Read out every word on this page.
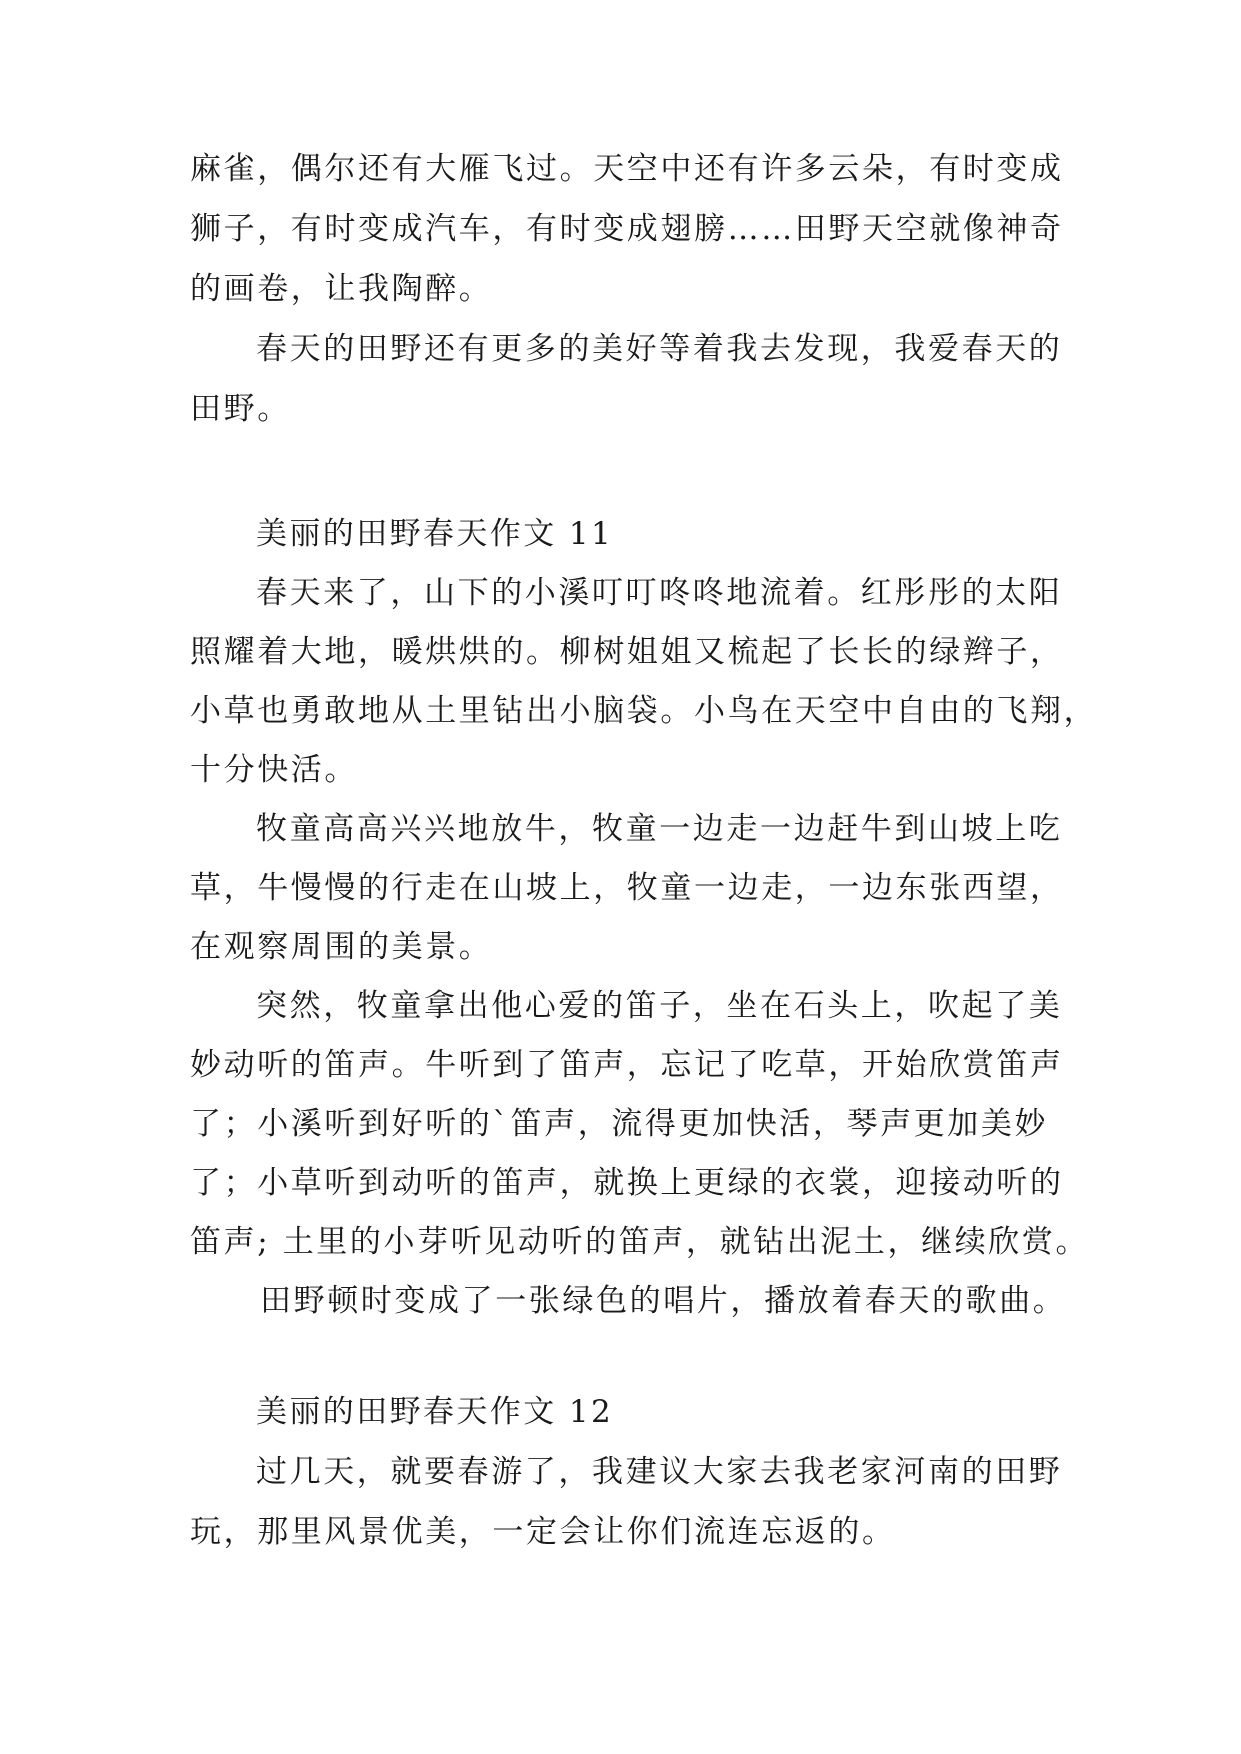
麻雀，偶尔还有大雁飞过。天空中还有许多云朵，有时变成
狮子，有时变成汽车，有时变成翅膀……田野天空就像神奇
的画卷，让我陶醉。
春天的田野还有更多的美好等着我去发现，我爱春天的
田野。
美丽的田野春天作文 11
春天来了，山下的小溪叮叮咚咚地流着。红彤彤的太阳
照耀着大地，暖烘烘的。柳树姐姐又梳起了长长的绿辫子，
小草也勇敢地从土里钻出小脑袋。小鸟在天空中自由的飞翔，
十分快活。
牧童高高兴兴地放牛，牧童一边走一边赶牛到山坡上吃
草，牛慢慢的行走在山坡上，牧童一边走，一边东张西望，
在观察周围的美景。
突然，牧童拿出他心爱的笛子，坐在石头上，吹起了美
妙动听的笛声。牛听到了笛声，忘记了吃草，开始欣赏笛声
了；小溪听到好听的`笛声，流得更加快活，琴声更加美妙
了；小草听到动听的笛声，就换上更绿的衣裳，迎接动听的
笛声; 土里的小芽听见动听的笛声，就钻出泥土，继续欣赏。
田野顿时变成了一张绿色的唱片，播放着春天的歌曲。
美丽的田野春天作文 12
过几天，就要春游了，我建议大家去我老家河南的田野
玩，那里风景优美，一定会让你们流连忘返的。
